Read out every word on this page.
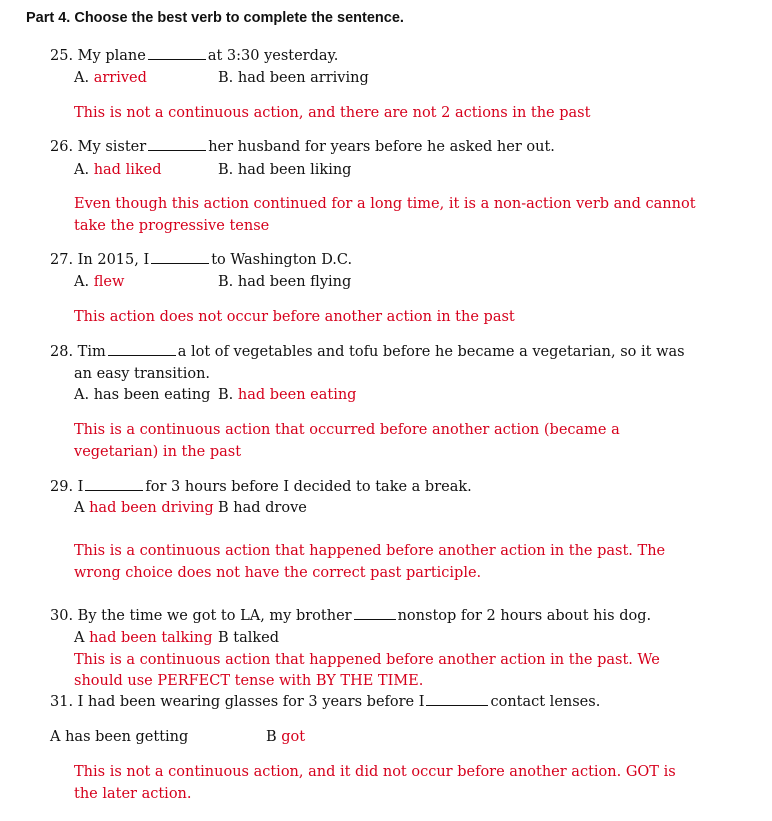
Part 4. Choose the best verb to complete the sentence.
25. My plane	at 3:30 yesterday.
A. arrived	B. had been arriving
This is not a continuous action, and there are not 2 actions in the past
26. My sister	her husband for years before he asked her out.
A. had liked	B. had been liking
Even though this action continued for a long time, it is a non-action verb and cannot
take the progressive tense
27. In 2015, I	to Washington D.C.
A. flew	B. had been flying
This action does not occur before another action in the past
28. Tim	a lot of vegetables and tofu before he became a vegetarian, so it was
an easy transition.
A. has been eating B. had been eating
This is a continuous action that occurred before another action (became a
vegetarian) in the past
29. I	for 3 hours before I decided to take a break.
A had been driving B had drove
This is a continuous action that happened before another action in the past. The
wrong choice does not have the correct past participle.
30. By the time we got to LA, my brother	nonstop for 2 hours about his dog.
A had been talking B talked
This is a continuous action that happened before another action in the past. We
should use PERFECT tense with BY THE TIME.
31. I had been wearing glasses for 3 years before I	contact lenses.
A has been getting	B got
This is not a continuous action, and it did not occur before another action. GOT is
the later action.
